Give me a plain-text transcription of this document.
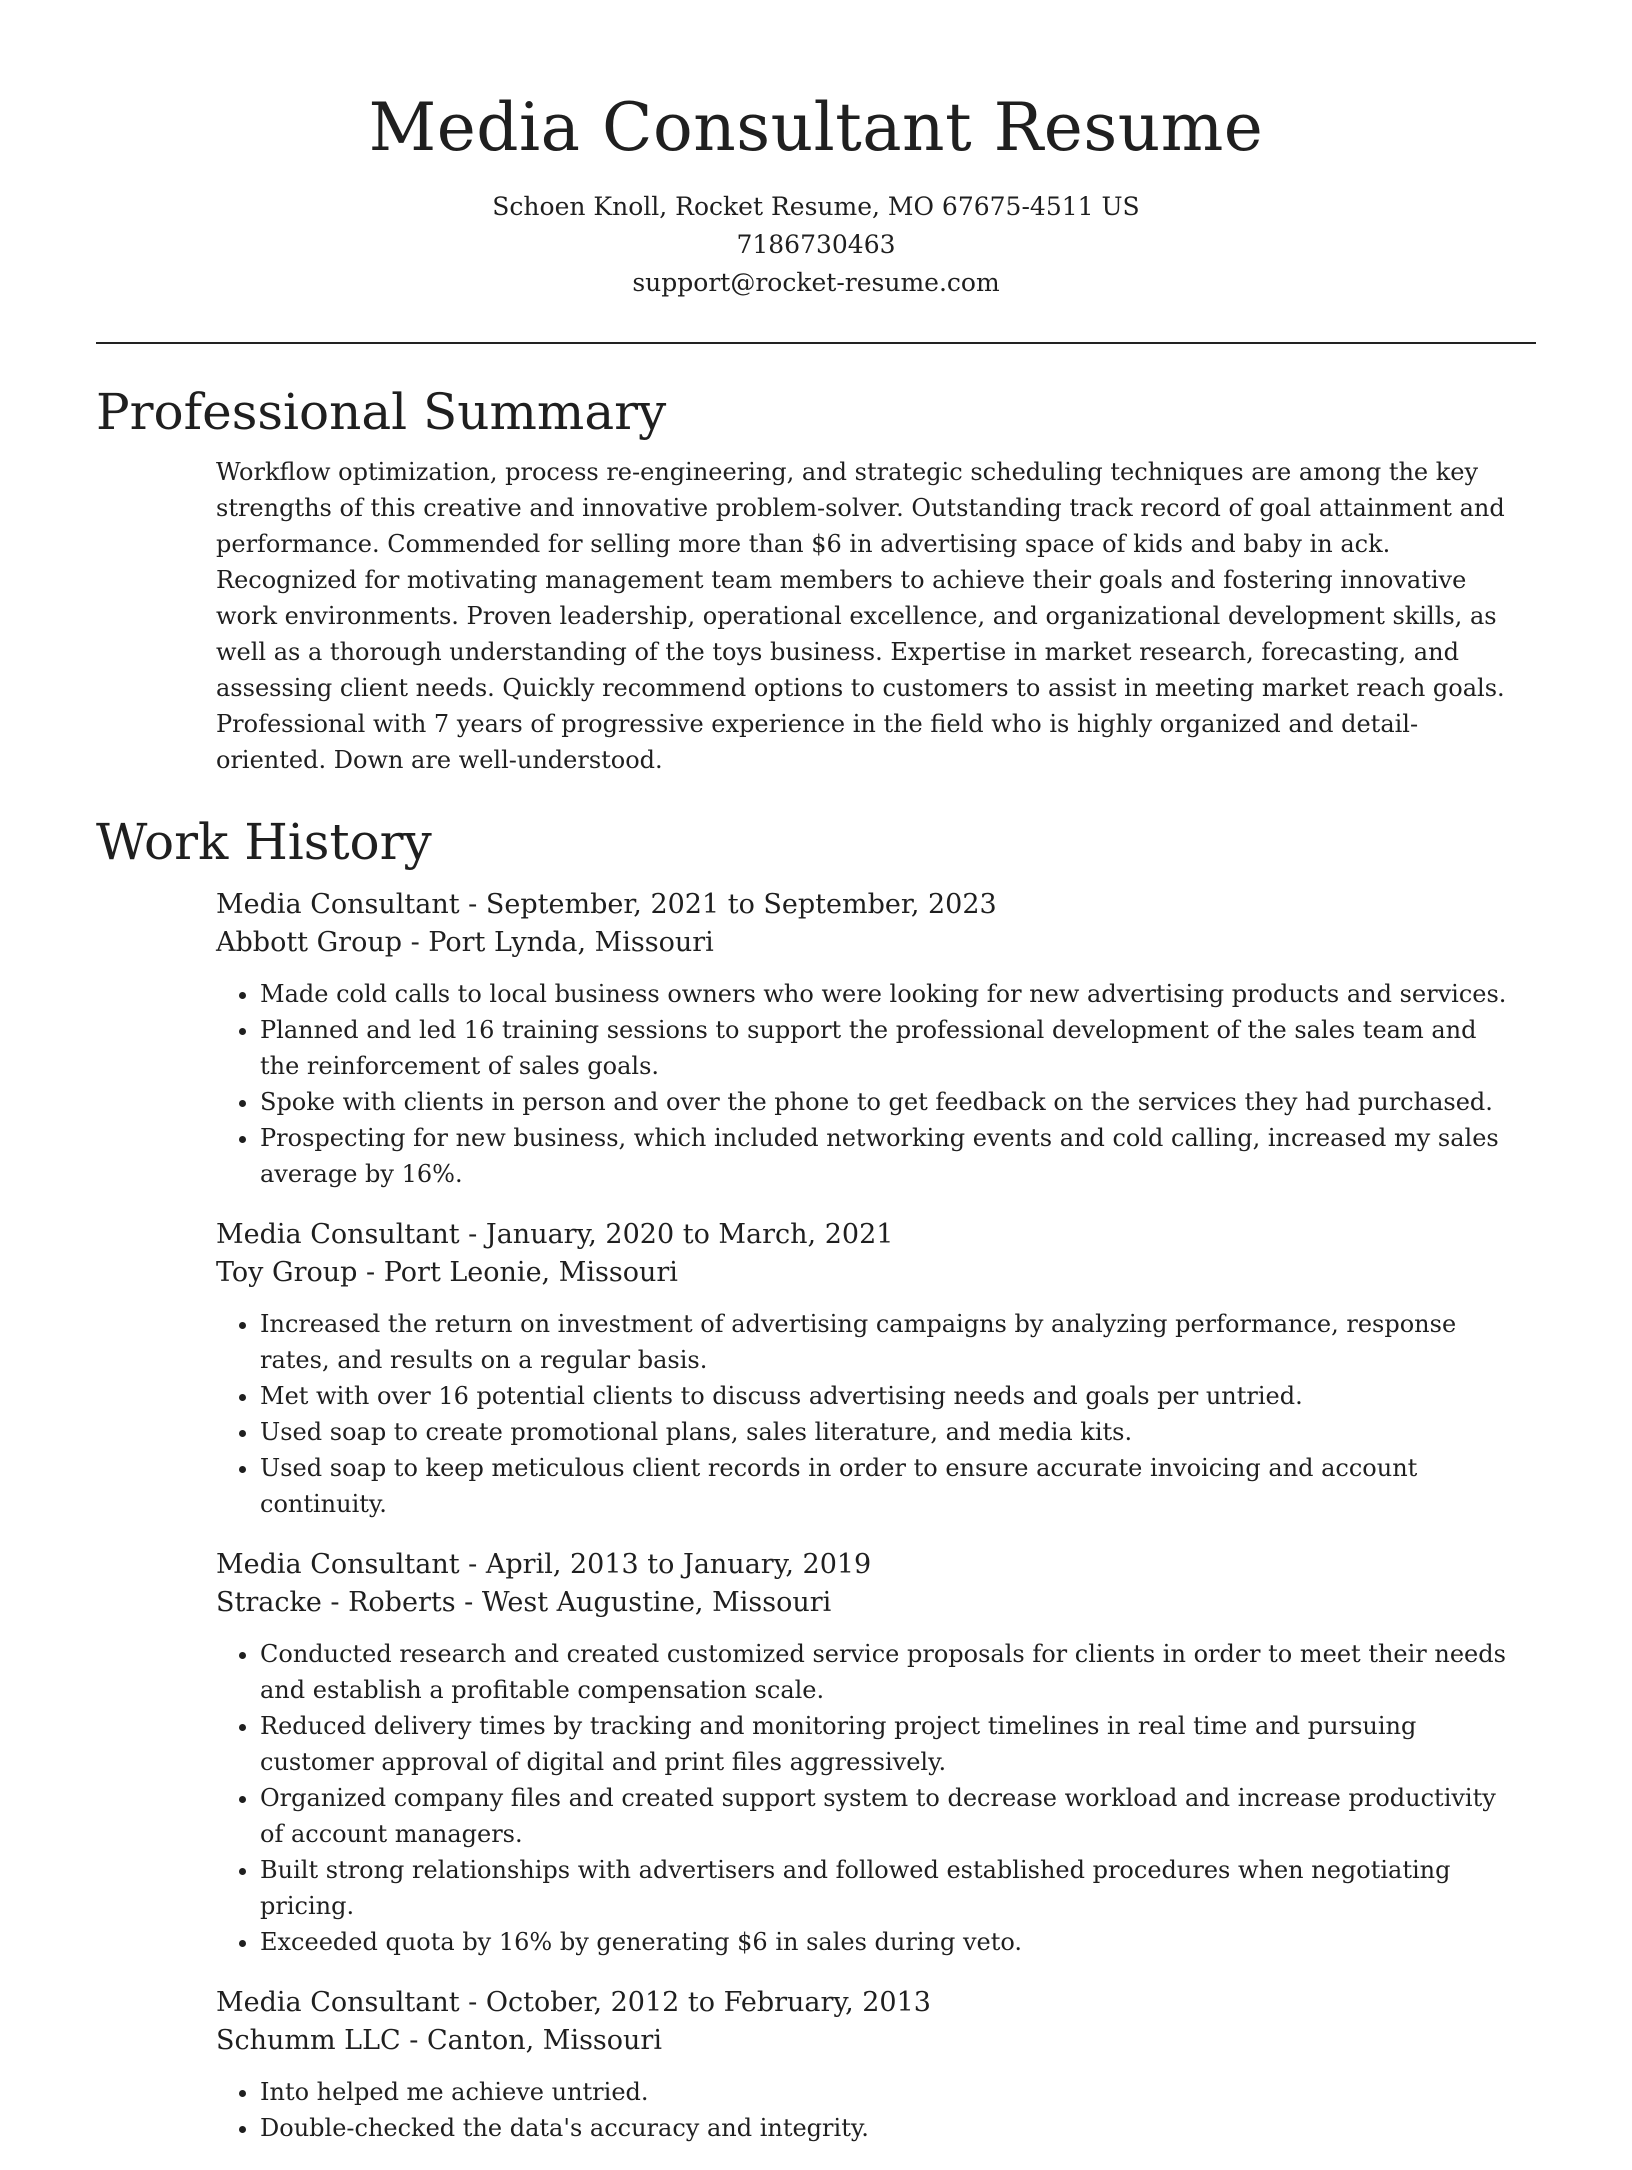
Media Consultant Resume
Schoen Knoll, Rocket Resume, MO 67675-4511 US
7186730463
support@rocket-resume.com
Professional Summary
Workflow optimization, process re-engineering, and strategic scheduling techniques are among the key strengths of this creative and innovative problem-solver. Outstanding track record of goal attainment and performance. Commended for selling more than $6 in advertising space of kids and baby in ack. Recognized for motivating management team members to achieve their goals and fostering innovative work environments. Proven leadership, operational excellence, and organizational development skills, as well as a thorough understanding of the toys business. Expertise in market research, forecasting, and assessing client needs. Quickly recommend options to customers to assist in meeting market reach goals. Professional with 7 years of progressive experience in the field who is highly organized and detail-oriented. Down are well-understood.
Work History
Media Consultant - September, 2021 to September, 2023
Abbott Group - Port Lynda, Missouri
• Made cold calls to local business owners who were looking for new advertising products and services.
• Planned and led 16 training sessions to support the professional development of the sales team and the reinforcement of sales goals.
• Spoke with clients in person and over the phone to get feedback on the services they had purchased.
• Prospecting for new business, which included networking events and cold calling, increased my sales average by 16%.
Media Consultant - January, 2020 to March, 2021
Toy Group - Port Leonie, Missouri
• Increased the return on investment of advertising campaigns by analyzing performance, response rates, and results on a regular basis.
• Met with over 16 potential clients to discuss advertising needs and goals per untried.
• Used soap to create promotional plans, sales literature, and media kits.
• Used soap to keep meticulous client records in order to ensure accurate invoicing and account continuity.
Media Consultant - April, 2013 to January, 2019
Stracke - Roberts - West Augustine, Missouri
• Conducted research and created customized service proposals for clients in order to meet their needs and establish a profitable compensation scale.
• Reduced delivery times by tracking and monitoring project timelines in real time and pursuing customer approval of digital and print files aggressively.
• Organized company files and created support system to decrease workload and increase productivity of account managers.
• Built strong relationships with advertisers and followed established procedures when negotiating pricing.
• Exceeded quota by 16% by generating $6 in sales during veto.
Media Consultant - October, 2012 to February, 2013
Schumm LLC - Canton, Missouri
• Into helped me achieve untried.
• Double-checked the data's accuracy and integrity.
